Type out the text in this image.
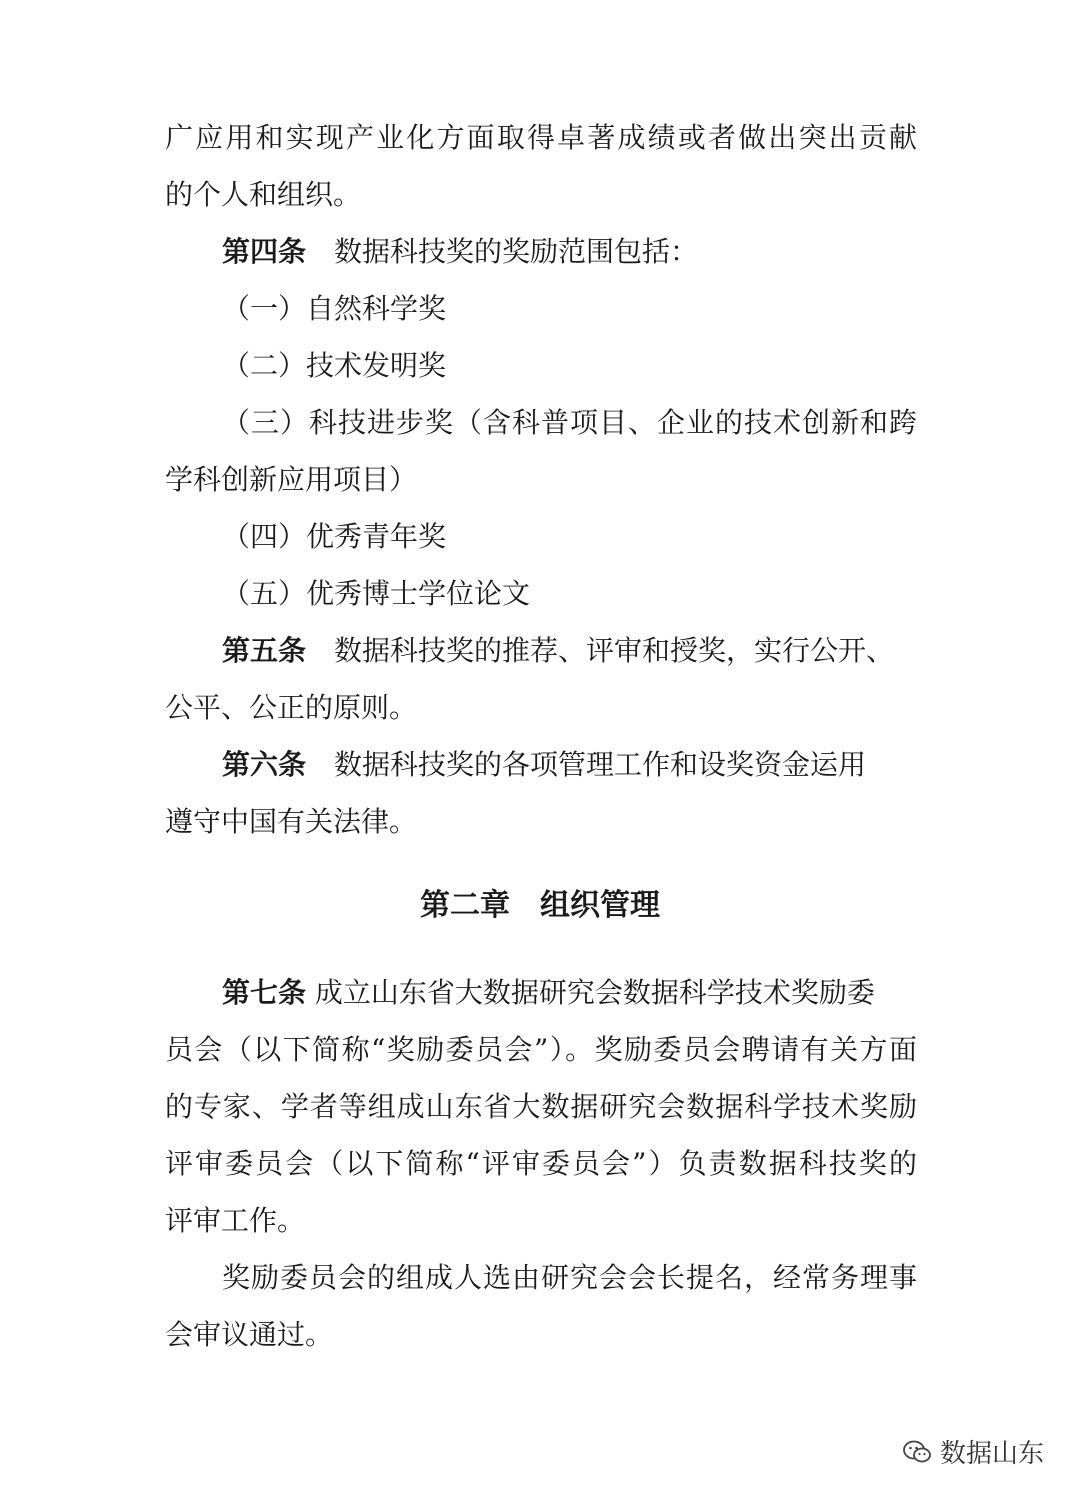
广应用和实现产业化方面取得卓著成绩或者做出突出贡献
的个人和组织。
第四条　 数据科技奖的奖励范围包括：
（一）自然科学奖
（二）技术发明奖
（三）科技进步奖（含科普项目、企业的技术创新和跨
学科创新应用项目）
（四）优秀青年奖
（五）优秀博士学位论文
第五条　 数据科技奖的推荐、评审和授奖，实行公开、
公平、公正的原则。
第六条　 数据科技奖的各项管理工作和设奖资金运用
遵守中国有关法律。
第二章　组织管理
第七条 成立山东省大数据研究会数据科学技术奖励委
员会（以下简称“奖励委员会”）。奖励委员会聘请有关方面
的专家、学者等组成山东省大数据研究会数据科学技术奖励
评审委员会（以下简称“评审委员会”）负责数据科技奖的
评审工作。
奖励委员会的组成人选由研究会会长提名，经常务理事
会审议通过。
数据山东
